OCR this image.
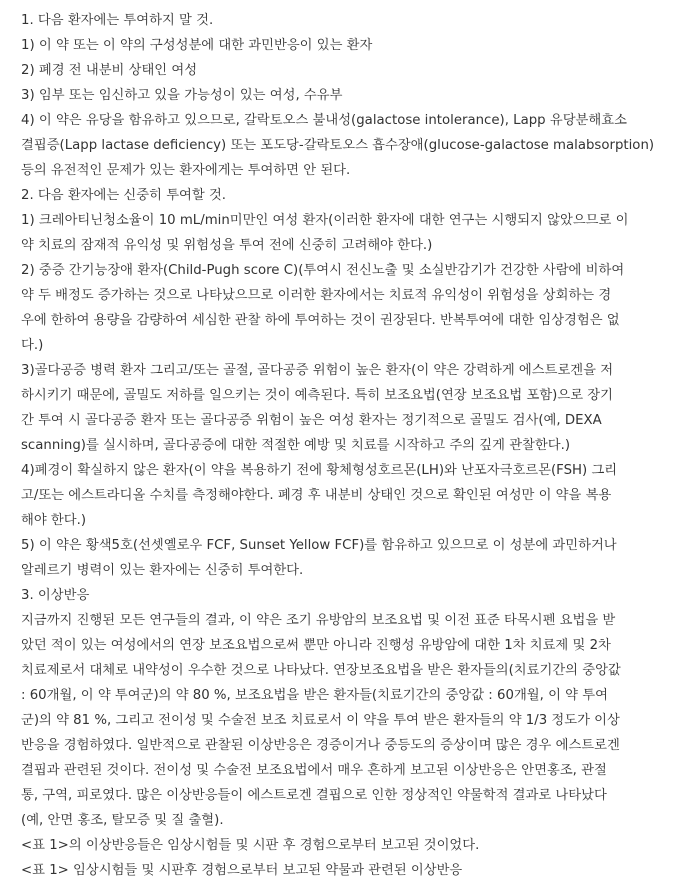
1. 다음 환자에는 투여하지 말 것.
1) 이 약 또는 이 약의 구성성분에 대한 과민반응이 있는 환자
2) 폐경 전 내분비 상태인 여성
3) 임부 또는 임신하고 있을 가능성이 있는 여성, 수유부
4) 이 약은 유당을 함유하고 있으므로, 갈락토오스 불내성(galactose intolerance), Lapp 유당분해효소
결핍증(Lapp lactase deficiency) 또는 포도당-갈락토오스 흡수장애(glucose-galactose malabsorption)
등의 유전적인 문제가 있는 환자에게는 투여하면 안 된다.
2. 다음 환자에는 신중히 투여할 것.
1) 크레아티닌청소율이 10 mL/min미만인 여성 환자(이러한 환자에 대한 연구는 시행되지 않았으므로 이
약 치료의 잠재적 유익성 및 위험성을 투여 전에 신중히 고려해야 한다.)
2) 중증 간기능장애 환자(Child-Pugh score C)(투여시 전신노출 및 소실반감기가 건강한 사람에 비하여
약 두 배정도 증가하는 것으로 나타났으므로 이러한 환자에서는 치료적 유익성이 위험성을 상회하는 경
우에 한하여 용량을 감량하여 세심한 관찰 하에 투여하는 것이 권장된다. 반복투여에 대한 임상경험은 없
다.)
3)골다공증 병력 환자 그리고/또는 골절, 골다공증 위험이 높은 환자(이 약은 강력하게 에스트로겐을 저
하시키기 때문에, 골밀도 저하를 일으키는 것이 예측된다. 특히 보조요법(연장 보조요법 포함)으로 장기
간 투여 시 골다공증 환자 또는 골다공증 위험이 높은 여성 환자는 정기적으로 골밀도 검사(예, DEXA
scanning)를 실시하며, 골다공증에 대한 적절한 예방 및 치료를 시작하고 주의 깊게 관찰한다.)
4)폐경이 확실하지 않은 환자(이 약을 복용하기 전에 황체형성호르몬(LH)와 난포자극호르몬(FSH) 그리
고/또는 에스트라디올 수치를 측정해야한다. 폐경 후 내분비 상태인 것으로 확인된 여성만 이 약을 복용
해야 한다.)
5) 이 약은 황색5호(선셋옐로우 FCF, Sunset Yellow FCF)를 함유하고 있으므로 이 성분에 과민하거나
알레르기 병력이 있는 환자에는 신중히 투여한다.
3. 이상반응
지금까지 진행된 모든 연구들의 결과, 이 약은 조기 유방암의 보조요법 및 이전 표준 타목시펜 요법을 받
았던 적이 있는 여성에서의 연장 보조요법으로써 뿐만 아니라 진행성 유방암에 대한 1차 치료제 및 2차
치료제로서 대체로 내약성이 우수한 것으로 나타났다. 연장보조요법을 받은 환자들의(치료기간의 중앙값
: 60개월, 이 약 투여군)의 약 80 %, 보조요법을 받은 환자들(치료기간의 중앙값 : 60개월, 이 약 투여
군)의 약 81 %, 그리고 전이성 및 수술전 보조 치료로서 이 약을 투여 받은 환자들의 약 1/3 정도가 이상
반응을 경험하였다. 일반적으로 관찰된 이상반응은 경증이거나 중등도의 증상이며 많은 경우 에스트로겐
결핍과 관련된 것이다. 전이성 및 수술전 보조요법에서 매우 흔하게 보고된 이상반응은 안면홍조, 관절
통, 구역, 피로였다. 많은 이상반응들이 에스트로겐 결핍으로 인한 정상적인 약물학적 결과로 나타났다
(예, 안면 홍조, 탈모증 및 질 출혈).
<표 1>의 이상반응들은 임상시험들 및 시판 후 경험으로부터 보고된 것이었다.
<표 1> 임상시험들 및 시판후 경험으로부터 보고된 약물과 관련된 이상반응
